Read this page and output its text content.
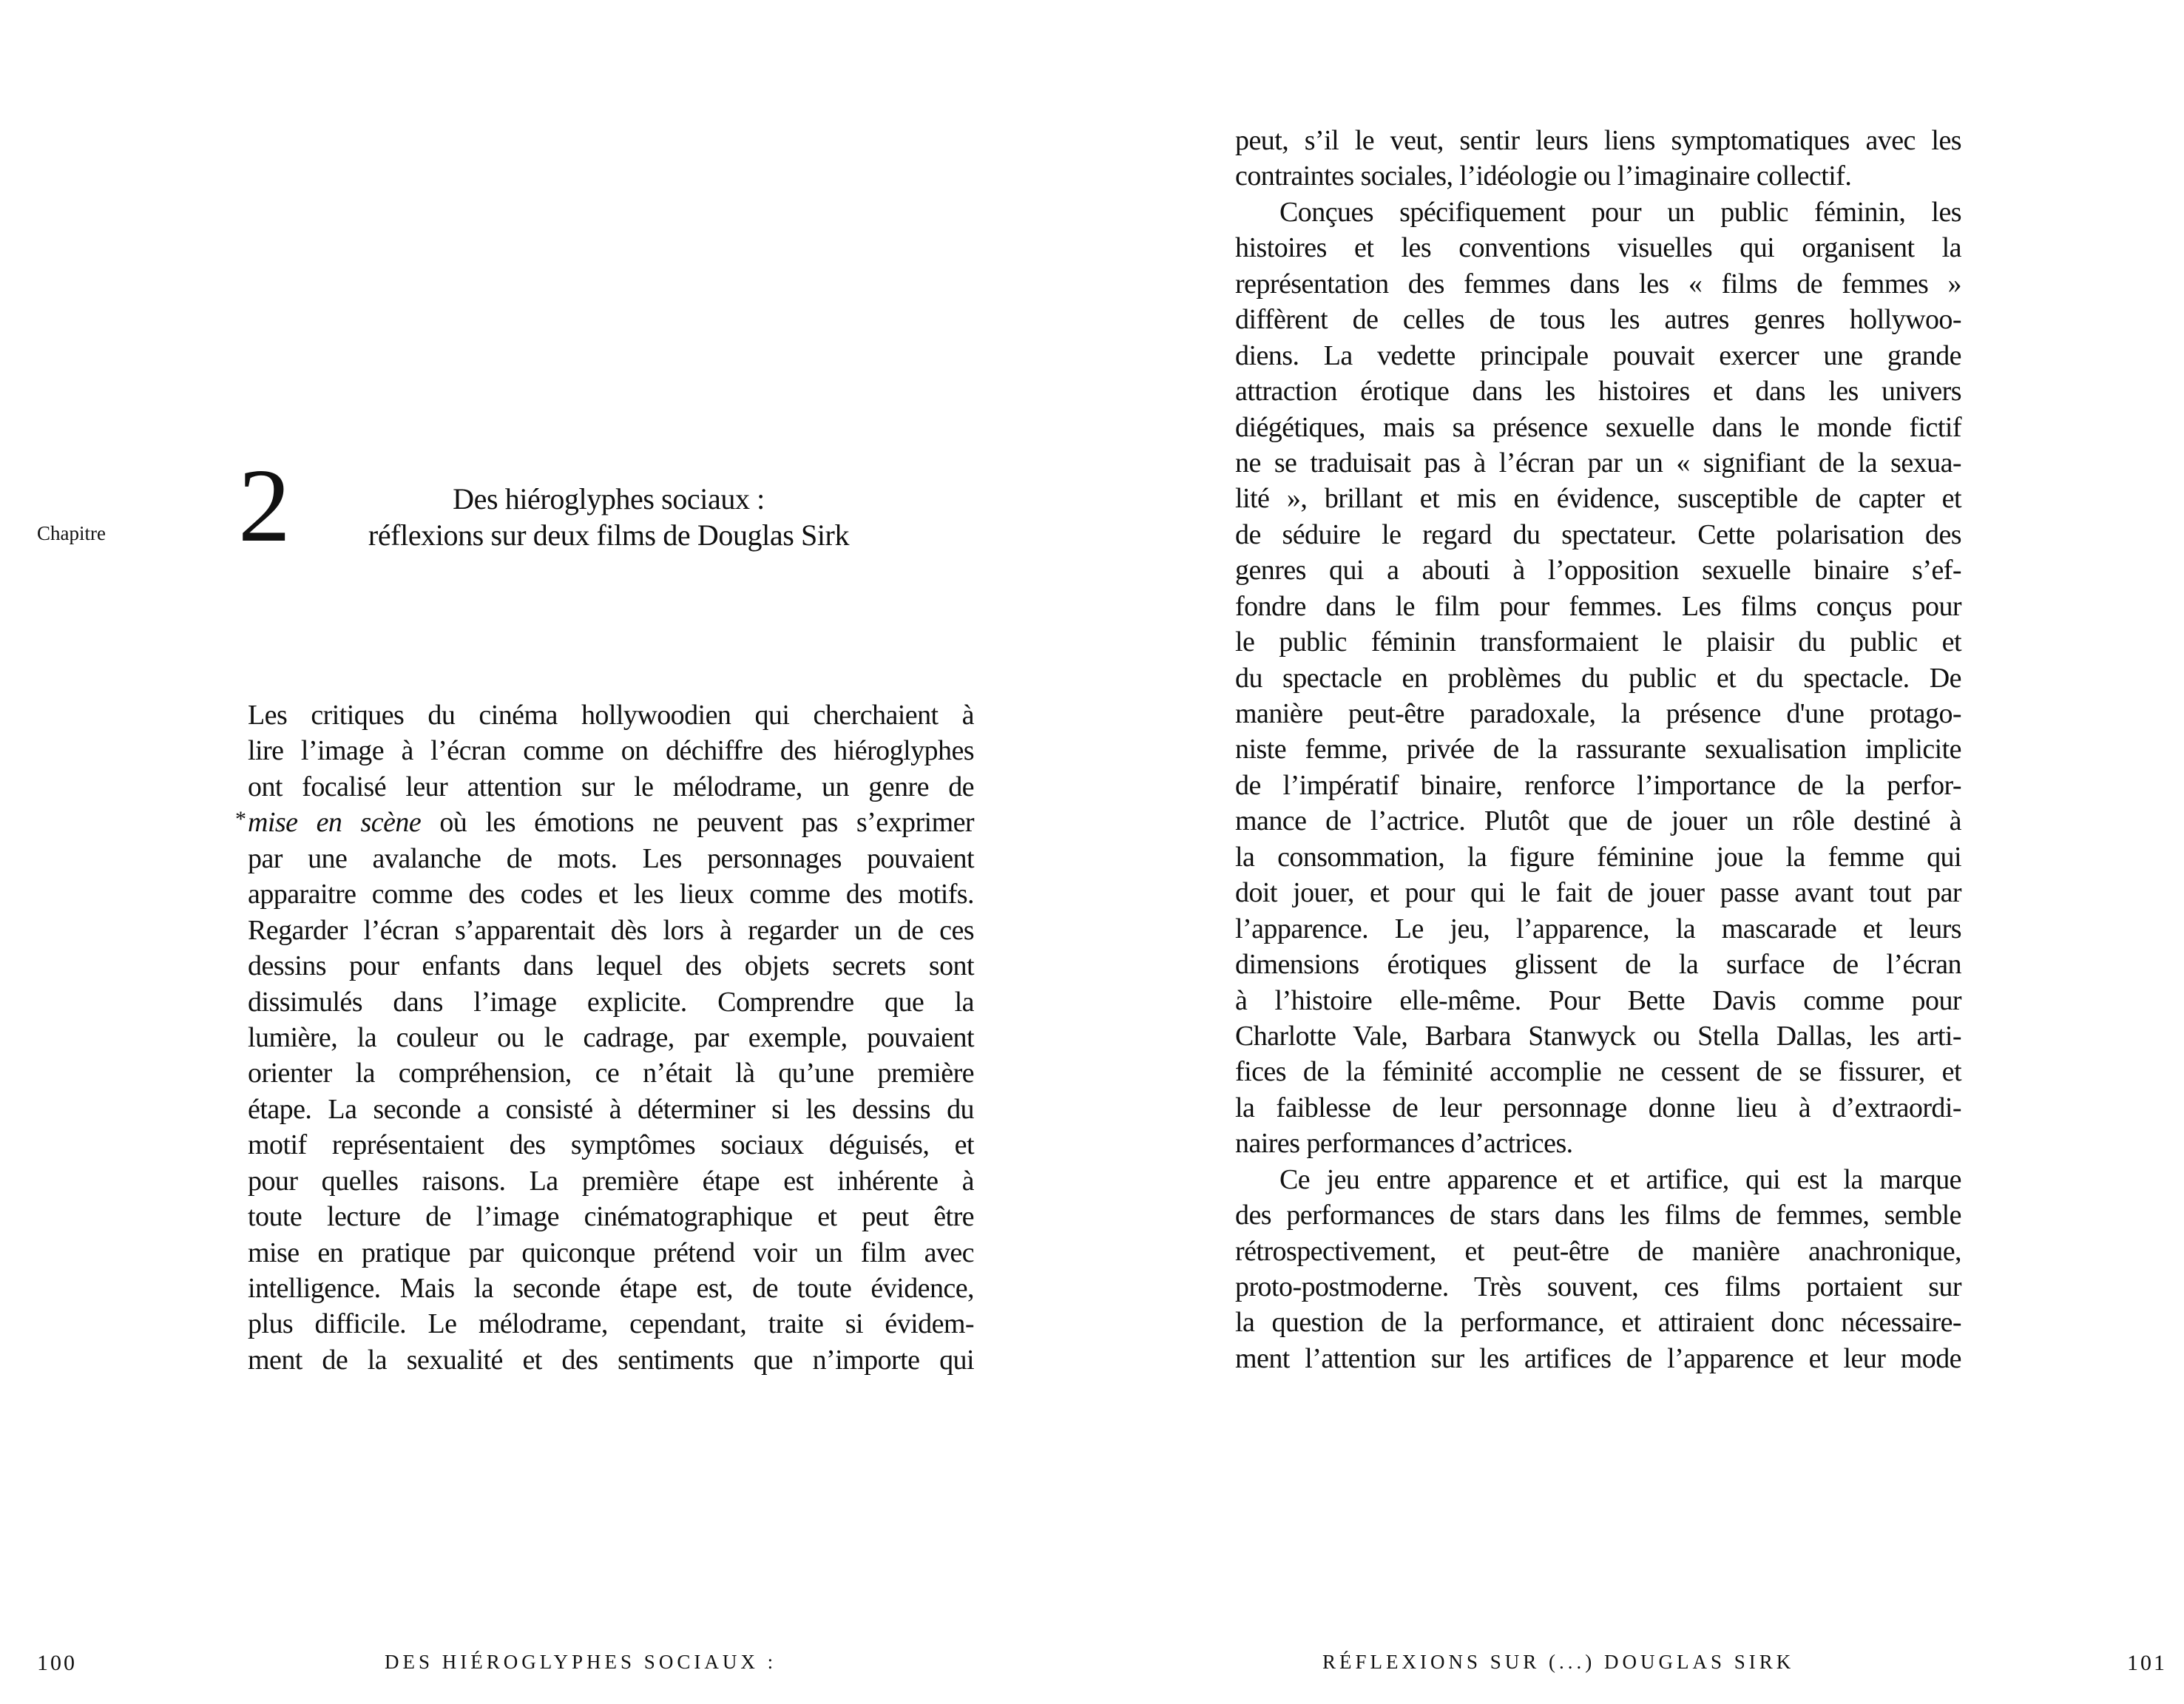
Chapitre 2	Des hiéroglyphes sociaux :
réflexions sur deux films de Douglas Sirk
Les critiques du cinéma hollywoodien qui cherchaient à
lire l’image à l’écran comme on déchiffre des hiéroglyphes
ont focalisé leur attention sur le mélodrame, un genre de
* mise en scène où les émotions ne peuvent pas s’exprimer
par une avalanche de mots. Les personnages pouvaient
apparaitre comme des codes et les lieux comme des motifs.
Regarder l’écran s’apparentait dès lors à regarder un de ces
dessins pour enfants dans lequel des objets secrets sont
dissimulés dans l’image explicite. Comprendre que la
lumière, la couleur ou le cadrage, par exemple, pouvaient
orienter la compréhension, ce n’était là qu’une première
étape. La seconde a consisté à déterminer si les dessins du
motif représentaient des symptômes sociaux déguisés, et
pour quelles raisons. La première étape est inhérente à
toute lecture de l’image cinématographique et peut être
mise en pratique par quiconque prétend voir un film avec
intelligence. Mais la seconde étape est, de toute évidence,
plus difficile. Le mélodrame, cependant, traite si évidem-
ment de la sexualité et des sentiments que n’importe qui
100	DES HIÉROGLYPHES SOCIAUX :
peut, s’il le veut, sentir leurs liens symptomatiques avec les
contraintes sociales, l’idéologie ou l’imaginaire collectif.
Conçues spécifiquement pour un public féminin, les
histoires et les conventions visuelles qui organisent la
représentation des femmes dans les « films de femmes »
diffèrent de celles de tous les autres genres hollywoo-
diens. La vedette principale pouvait exercer une grande
attraction érotique dans les histoires et dans les univers
diégétiques, mais sa présence sexuelle dans le monde fictif
ne se traduisait pas à l’écran par un « signifiant de la sexua-
lité », brillant et mis en évidence, susceptible de capter et
de séduire le regard du spectateur. Cette polarisation des
genres qui a abouti à l’opposition sexuelle binaire s’ef-
fondre dans le film pour femmes. Les films conçus pour
le public féminin transformaient le plaisir du public et
du spectacle en problèmes du public et du spectacle. De
manière peut-être paradoxale, la présence d'une protago-
niste femme, privée de la rassurante sexualisation implicite
de l’impératif binaire, renforce l’importance de la perfor-
mance de l’actrice. Plutôt que de jouer un rôle destiné à
la consommation, la figure féminine joue la femme qui
doit jouer, et pour qui le fait de jouer passe avant tout par
l’apparence. Le jeu, l’apparence, la mascarade et leurs
dimensions érotiques glissent de la surface de l’écran
à l’histoire elle-même. Pour Bette Davis comme pour
Charlotte Vale, Barbara Stanwyck ou Stella Dallas, les arti-
fices de la féminité accomplie ne cessent de se fissurer, et
la faiblesse de leur personnage donne lieu à d’extraordi-
naires performances d’actrices.
Ce jeu entre apparence et et artifice, qui est la marque
des performances de stars dans les films de femmes, semble
rétrospectivement, et peut-être de manière anachronique,
proto-postmoderne. Très souvent, ces films portaient sur
la question de la performance, et attiraient donc nécessaire-
ment l’attention sur les artifices de l’apparence et leur mode
RÉFLEXIONS SUR (...) DOUGLAS SIRK	101
